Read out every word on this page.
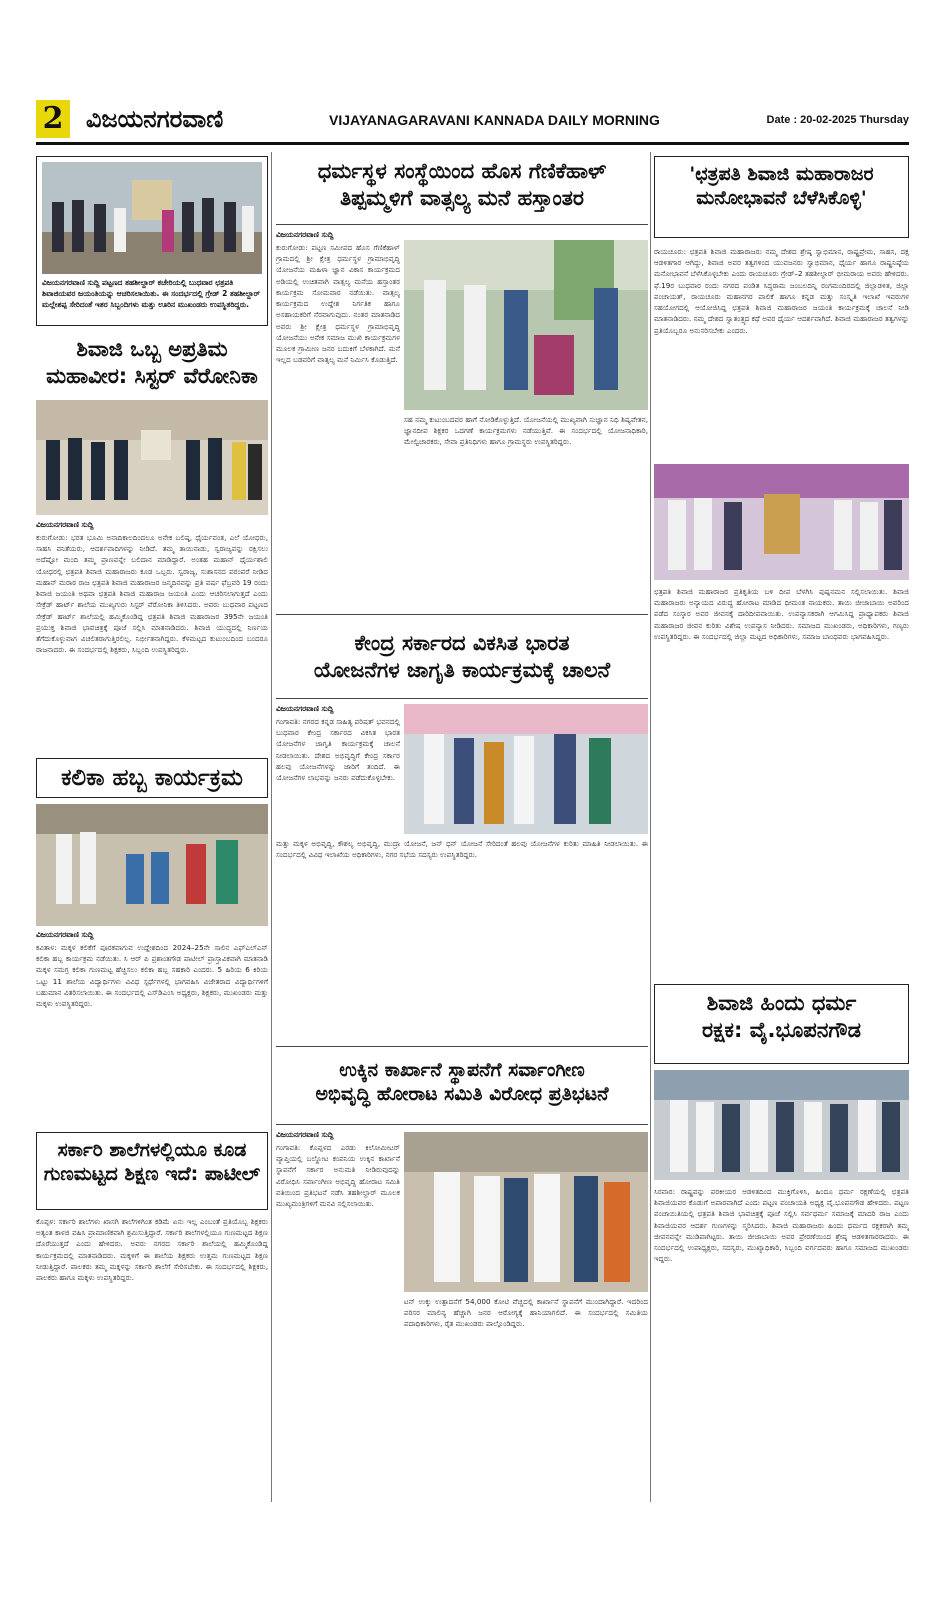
2 ವಿಜಯನಗರವಾಣಿ	VIJAYANAGARAVANI KANNADA DAILY MORNING	Date : 20-02-2025 Thursday
ವಿಜಯನಗರವಾಣಿ ಸುದ್ದಿ ಪಟ್ಟಣದ ತಹಶೀಲ್ದಾರ್ ಕಚೇರಿಯಲ್ಲಿ ಬುಧವಾರ ಛತ್ರಪತಿ ಶಿವಾಜಿಯವರ ಜಯಂತಿಯನ್ನು ಆಚರಿಸಲಾಯಿತು. ಈ ಸಂದರ್ಭದಲ್ಲಿ ಗ್ರೇಡ್ 2 ತಹಶೀಲ್ದಾರ್ ಮಲ್ಲೇಶಪ್ಪ ಸೇರಿದಂತೆ ಇತರ ಸಿಬ್ಬಂದಿಗಳು ಮತ್ತು ಊರಿನ ಮುಖಂಡರು ಉಪಸ್ಥಿತರಿದ್ದರು.
ಶಿವಾಜಿ ಒಬ್ಬ ಅಪ್ರತಿಮ
ಮಹಾವೀರ: ಸಿಸ್ಟರ್ ವೆರೋನಿಕಾ
ವಿಜಯನಗರವಾಣಿ ಸುದ್ದಿ
ಕುರುಗೋಡು: ಭರತ ಭೂಮಿ ಅನಾದಿಕಾಲದಿಂದಲೂ ಅನೇಕ ಬಲಿಷ್ಠ, ಧೈರ್ಯವಂತ, ಎಲೆ ಯೋಧರು, ಸಾಹಸಿ ವನಿತೆಯರು, ಆದರ್ಶವಾದಿಗಳನ್ನು ನೀಡಿದೆ. ತಮ್ಮ ತಾಯಿನಾಡು, ಸ್ವರಾಜ್ಯವನ್ನು ರಕ್ಷಿಸಲು ಅದೆಷ್ಟೋ ಮಂದಿ ತಮ್ಮ ಪ್ರಾಣವನ್ನೇ ಬಲಿದಾನ ಮಾಡಿದ್ದಾರೆ. ಅಂತಹ ಮಹಾನ್ ಧೈರ್ಯಶಾಲಿ ಯೋಧರಲ್ಲಿ ಛತ್ರಪತಿ ಶಿವಾಜಿ ಮಹಾರಾಜರು ಕೂಡ ಒಬ್ಬರು. ಸ್ವರಾಜ್ಯ, ಸುಶಾಸನದ ಪರಂಪರೆ ನೀಡಿದ ಮಹಾನ್ ಮರಾಠ ರಾಜ ಛತ್ರಪತಿ ಶಿವಾಜಿ ಮಹಾರಾಜರ ಜನ್ಮದಿನವನ್ನು ಪ್ರತಿ ವರ್ಷ ಫೆಬ್ರವರಿ 19 ರಂದು ಶಿವಾಜಿ ಜಯಂತಿ ಅಥವಾ ಛತ್ರಪತಿ ಶಿವಾಜಿ ಮಹಾರಾಜ ಜಯಂತಿ ಎಂದು ಆಚರಿಸಲಾಗುತ್ತದೆ ಎಂದು ಸೇಕ್ರೆಡ್ ಹಾರ್ಟ್ ಶಾಲೆಯ ಮುಖ್ಯಗುರು ಸಿಸ್ಟರ್ ವೆರೋನಿಕಾ ತಿಳಿಸಿದರು. ಅವರು ಬುಧವಾರ ಪಟ್ಟಣದ ಸೇಕ್ರೆಡ್ ಹಾರ್ಟ್ ಶಾಲೆಯಲ್ಲಿ ಹಮ್ಮಿಕೊಂಡಿದ್ದ ಛತ್ರಪತಿ ಶಿವಾಜಿ ಮಹಾರಾಜರ 395ನೇ ಜಯಂತಿ ಪ್ರಯುಕ್ತ ಶಿವಾಜಿ ಭಾವಚಿತ್ರಕ್ಕೆ ಪೂಜೆ ಸಲ್ಲಿಸಿ ಮಾತನಾಡಿದರು. ಶಿವಾಜಿ ಯುದ್ಧದಲ್ಲಿ ನಿರ್ಣಯ ತೆಗೆದುಕೊಳ್ಳುವಾಗ ವಿಚಲಿತರಾಗುತ್ತಿರಲಿಲ್ಲ. ನಿರ್ಭೀತನಾಗಿದ್ದರು. ಕೆಳಮಟ್ಟದ ಕುಟುಂಬದಿಂದ ಬಂದರೂ ರಾಜನಾದರು. ಈ ಸಂದರ್ಭದಲ್ಲಿ ಶಿಕ್ಷಕರು, ಸಿಬ್ಬಂದಿ ಉಪಸ್ಥಿತರಿದ್ದರು.
ಕಲಿಕಾ ಹಬ್ಬ ಕಾರ್ಯಕ್ರಮ
ವಿಜಯನಗರವಾಣಿ ಸುದ್ದಿ
ಕವಿತಾಳ: ಮಕ್ಕಳ ಕಲಿಕೆಗೆ ಪೂರಕವಾಗುವ ಉದ್ದೇಶದಿಂದ 2024–25ನೇ ಸಾಲಿನ ಎಫ್ಎಲ್ಎನ್ ಕಲಿಕಾ ಹಬ್ಬ ಕಾರ್ಯಕ್ರಮ ನಡೆಯಿತು. ಸಿ ಆರ್ ಪಿ ಪ್ರಶಾಂತಗೌಡ ಪಾಟೀಲ್ ಪ್ರಾಸ್ತಾವಿಕವಾಗಿ ಮಾತನಾಡಿ ಮಕ್ಕಳ ಸಮಗ್ರ ಕಲಿಕಾ ಗುಣಮಟ್ಟ ಹೆಚ್ಚಿಸಲು ಕಲಿಕಾ ಹಬ್ಬ ಸಹಕಾರಿ ಎಂದರು. 5 ಹಿರಿಯ 6 ಕಿರಿಯ ಒಟ್ಟು 11 ಶಾಲೆಯ ವಿದ್ಯಾರ್ಥಿಗಳು ವಿವಿಧ ಸ್ಪರ್ಧೆಗಳಲ್ಲಿ ಭಾಗವಹಿಸಿ ವಿಜೇತರಾದ ವಿದ್ಯಾರ್ಥಿಗಳಿಗೆ ಬಹುಮಾನ ವಿತರಿಸಲಾಯಿತು. ಈ ಸಂದರ್ಭದಲ್ಲಿ ಎಸ್‌ಡಿಎಂಸಿ ಅಧ್ಯಕ್ಷರು, ಶಿಕ್ಷಕರು, ಮುಖಂಡರು ಮತ್ತು ಮಕ್ಕಳು ಉಪಸ್ಥಿತರಿದ್ದರು.
ಸರ್ಕಾರಿ ಶಾಲೆಗಳಲ್ಲಿಯೂ ಕೂಡ
ಗುಣಮಟ್ಟದ ಶಿಕ್ಷಣ ಇದೆ: ಪಾಟೀಲ್
ಕೊಪ್ಪಳ: ಸರ್ಕಾರಿ ಶಾಲೆಗಳು ಖಾಸಗಿ ಶಾಲೆಗಳಿಗಿಂತ ಕಡಿಮೆ ಏನು ಇಲ್ಲ ಎಂಬಂತೆ ಪ್ರತಿಯೊಬ್ಬ ಶಿಕ್ಷಕರು ಅತ್ಯಂತ ಕಾಳಜಿ ವಹಿಸಿ ಪ್ರಾಮಾಣಿಕವಾಗಿ ಶ್ರಮಿಸುತ್ತಿದ್ದಾರೆ. ಸರ್ಕಾರಿ ಶಾಲೆಗಳಲ್ಲಿಯೂ ಗುಣಮಟ್ಟದ ಶಿಕ್ಷಣ ದೊರೆಯುತ್ತದೆ ಎಂದು ಹೇಳಿದರು. ಅವರು ನಗರದ ಸರ್ಕಾರಿ ಶಾಲೆಯಲ್ಲಿ ಹಮ್ಮಿಕೊಂಡಿದ್ದ ಕಾರ್ಯಕ್ರಮದಲ್ಲಿ ಮಾತನಾಡಿದರು. ಮಕ್ಕಳಿಗೆ ಈ ಶಾಲೆಯ ಶಿಕ್ಷಕರು ಉತ್ತಮ ಗುಣಮಟ್ಟದ ಶಿಕ್ಷಣ ನೀಡುತ್ತಿದ್ದಾರೆ. ಪಾಲಕರು ತಮ್ಮ ಮಕ್ಕಳನ್ನು ಸರ್ಕಾರಿ ಶಾಲೆಗೆ ಸೇರಿಸಬೇಕು. ಈ ಸಂದರ್ಭದಲ್ಲಿ ಶಿಕ್ಷಕರು, ಪಾಲಕರು ಹಾಗೂ ಮಕ್ಕಳು ಉಪಸ್ಥಿತರಿದ್ದರು.
ಧರ್ಮಸ್ಥಳ ಸಂಸ್ಥೆಯಿಂದ ಹೊಸ ಗೆಣಿಕೆಹಾಳ್
ತಿಪ್ಪಮ್ಮಳಿಗೆ ವಾತ್ಸಲ್ಯ ಮನೆ ಹಸ್ತಾಂತರ
ವಿಜಯನಗರವಾಣಿ ಸುದ್ದಿ
ಕುರುಗೋಡು: ಪಟ್ಟಣ ಸಮೀಪದ ಹೊಸ ಗೆಣಿಕೆಹಾಳ್ ಗ್ರಾಮದಲ್ಲಿ ಶ್ರೀ ಕ್ಷೇತ್ರ ಧರ್ಮಸ್ಥಳ ಗ್ರಾಮಾಭಿವೃದ್ಧಿ ಯೋಜನೆಯ ಮಹಿಳಾ ಜ್ಞಾನ ವಿಕಾಸ ಕಾರ್ಯಕ್ರಮದ ಅಡಿಯಲ್ಲಿ ಉಚಿತವಾಗಿ ವಾತ್ಸಲ್ಯ ಮನೆಯ ಹಸ್ತಾಂತರ ಕಾರ್ಯಕ್ರಮ ಸೋಮವಾರ ನಡೆಯಿತು. ವಾತ್ಸಲ್ಯ ಕಾರ್ಯಕ್ರಮದ ಉದ್ದೇಶ ನಿರ್ಗತಿಕ ಹಾಗೂ ಅಸಹಾಯಕರಿಗೆ ನೆರವಾಗುವುದು. ನಂತರ ಮಾತನಾಡಿದ ಅವರು ಶ್ರೀ ಕ್ಷೇತ್ರ ಧರ್ಮಸ್ಥಳ ಗ್ರಾಮಾಭಿವೃದ್ಧಿ ಯೋಜನೆಯು ಅನೇಕ ಸಮಾಜ ಮುಖಿ ಕಾರ್ಯಕ್ರಮಗಳ ಮೂಲಕ ಗ್ರಾಮೀಣ ಜನರ ಬದುಕಿಗೆ ಬೆಳಕಾಗಿದೆ. ಮನೆ ಇಲ್ಲದ ಬಡವರಿಗೆ ವಾತ್ಸಲ್ಯ ಮನೆ ನಿರ್ಮಿಸಿ ಕೊಡುತ್ತಿದೆ.
ಸಹ ನಮ್ಮ ಕುಟುಂಬದವರ ಹಾಗೆ ನೋಡಿಕೊಳ್ಳುತ್ತಿದೆ. ಯೋಜನೆಯಲ್ಲಿ ಮುಖ್ಯವಾಗಿ ಸುಜ್ಞಾನ ನಿಧಿ ಶಿಷ್ಯವೇತನ, ಜ್ಞಾನದೀಪ ಶಿಕ್ಷಕರ ಒದಗಣೆ ಕಾರ್ಯಕ್ರಮಗಳು ನಡೆಯುತ್ತಿವೆ. ಈ ಸಂದರ್ಭದಲ್ಲಿ ಯೋಜನಾಧಿಕಾರಿ, ಮೇಲ್ವಿಚಾರಕರು, ಸೇವಾ ಪ್ರತಿನಿಧಿಗಳು ಹಾಗೂ ಗ್ರಾಮಸ್ಥರು ಉಪಸ್ಥಿತರಿದ್ದರು.
ಕೇಂದ್ರ ಸರ್ಕಾರದ ವಿಕಸಿತ ಭಾರತ
ಯೋಜನೆಗಳ ಜಾಗೃತಿ ಕಾರ್ಯಕ್ರಮಕ್ಕೆ ಚಾಲನೆ
ವಿಜಯನಗರವಾಣಿ ಸುದ್ದಿ
ಗಂಗಾವತಿ: ನಗರದ ಕನ್ನಡ ಸಾಹಿತ್ಯ ಪರಿಷತ್ ಭವನದಲ್ಲಿ ಬುಧವಾರ ಕೇಂದ್ರ ಸರ್ಕಾರದ ವಿಕಸಿತ ಭಾರತ ಯೋಜನೆಗಳ ಜಾಗೃತಿ ಕಾರ್ಯಕ್ರಮಕ್ಕೆ ಚಾಲನೆ ನೀಡಲಾಯಿತು. ದೇಶದ ಅಭಿವೃದ್ಧಿಗೆ ಕೇಂದ್ರ ಸರ್ಕಾರ ಹಲವು ಯೋಜನೆಗಳನ್ನು ಜಾರಿಗೆ ತಂದಿದೆ. ಈ ಯೋಜನೆಗಳ ಲಾಭವನ್ನು ಜನರು ಪಡೆದುಕೊಳ್ಳಬೇಕು.
ಮತ್ತು ಮಕ್ಕಳ ಅಭಿವೃದ್ಧಿ, ಕೌಶಲ್ಯ ಅಭಿವೃದ್ಧಿ, ಮುದ್ರಾ ಯೋಜನೆ, ಜನ್ ಧನ್ ಯೋಜನೆ ಸೇರಿದಂತೆ ಹಲವು ಯೋಜನೆಗಳ ಕುರಿತು ಮಾಹಿತಿ ನೀಡಲಾಯಿತು. ಈ ಸಂದರ್ಭದಲ್ಲಿ ವಿವಿಧ ಇಲಾಖೆಯ ಅಧಿಕಾರಿಗಳು, ನಗರ ಸಭೆಯ ಸದಸ್ಯರು ಉಪಸ್ಥಿತರಿದ್ದರು.
ಉಕ್ಕಿನ ಕಾರ್ಖಾನೆ ಸ್ಥಾಪನೆಗೆ ಸರ್ವಾಂಗೀಣ
ಅಭಿವೃದ್ಧಿ ಹೋರಾಟ ಸಮಿತಿ ವಿರೋಧ ಪ್ರತಿಭಟನೆ
ವಿಜಯನಗರವಾಣಿ ಸುದ್ದಿ
ಗಂಗಾವತಿ: ಕೊಪ್ಪಳದ ಎರಡು ಕಿಲೋಮೀಟರ್ ವ್ಯಾಪ್ತಿಯಲ್ಲಿ ಬಲ್ಡೋಟ ಕಂಪನಿಯ ಉಕ್ಕಿನ ಕಾರ್ಖಾನೆ ಸ್ಥಾಪನೆಗೆ ಸರ್ಕಾರ ಅನುಮತಿ ನೀಡಿರುವುದನ್ನು ವಿರೋಧಿಸಿ ಸರ್ವಾಂಗೀಣ ಅಭಿವೃದ್ಧಿ ಹೋರಾಟ ಸಮಿತಿ ವತಿಯಿಂದ ಪ್ರತಿಭಟನೆ ನಡೆಸಿ ತಹಶೀಲ್ದಾರ್ ಮೂಲಕ ಮುಖ್ಯಮಂತ್ರಿಗಳಿಗೆ ಮನವಿ ಸಲ್ಲಿಸಲಾಯಿತು.
ಟನ್ ಉಕ್ಕು ಉತ್ಪಾದನೆಗೆ 54,000 ಕೋಟಿ ವೆಚ್ಚದಲ್ಲಿ ಕಾರ್ಖಾನೆ ಸ್ಥಾಪನೆಗೆ ಮುಂದಾಗಿದ್ದಾರೆ. ಇದರಿಂದ ಪರಿಸರ ಮಾಲಿನ್ಯ ಹೆಚ್ಚಾಗಿ ಜನರ ಆರೋಗ್ಯಕ್ಕೆ ಹಾನಿಯಾಗಲಿದೆ. ಈ ಸಂದರ್ಭದಲ್ಲಿ ಸಮಿತಿಯ ಪದಾಧಿಕಾರಿಗಳು, ರೈತ ಮುಖಂಡರು ಪಾಲ್ಗೊಂಡಿದ್ದರು.
'ಛತ್ರಪತಿ ಶಿವಾಜಿ ಮಹಾರಾಜರ
ಮನೋಭಾವನೆ ಬೆಳೆಸಿಕೊಳ್ಳಿ'
ರಾಯಚೂರು: ಛತ್ರಪತಿ ಶಿವಾಜಿ ಮಹಾರಾಜರು ನಮ್ಮ ದೇಶದ ಶ್ರೇಷ್ಠ ಸ್ವಾಭಿಮಾನ, ರಾಷ್ಟ್ರಪ್ರೇಮ, ಸಾಹಸ, ದಕ್ಷ ಆಡಳಿತಗಾರ ಆಗಿದ್ದು, ಶಿವಾಜಿ ಅವರ ತತ್ವಗಳಿಂದ ಯುವಜನರು ಸ್ವಾಭಿಮಾನ, ಧೈರ್ಯ ಹಾಗೂ ರಾಷ್ಟ್ರನಿಷ್ಠೆಯ ಮನೋಭಾವನೆ ಬೆಳೆಸಿಕೊಳ್ಳಬೇಕು ಎಂದು ರಾಯಚೂರು ಗ್ರೇಡ್–2 ತಹಶೀಲ್ದಾರ್ ಭೀಮರಾಯ ಅವರು ಹೇಳಿದರು. ಫೆ.19ರ ಬುಧವಾರ ರಂದು ನಗರದ ಪಂಡಿತ ಸಿದ್ಧರಾಮ ಜಂಬಲದಿನ್ನಿ ರಂಗಮಂದಿರದಲ್ಲಿ ಜಿಲ್ಲಾಡಳಿತ, ಜಿಲ್ಲಾ ಪಂಚಾಯತ್, ರಾಯಚೂರು ಮಹಾನಗರ ಪಾಲಿಕೆ ಹಾಗೂ ಕನ್ನಡ ಮತ್ತು ಸಂಸ್ಕೃತಿ ಇಲಾಖೆ ಇವರುಗಳ ಸಹಯೋಗದಲ್ಲಿ ಆಯೋಜಿಸಿದ್ದ ಛತ್ರಪತಿ ಶಿವಾಜಿ ಮಹಾರಾಜರ ಜಯಂತಿ ಕಾರ್ಯಕ್ರಮಕ್ಕೆ ಚಾಲನೆ ನೀಡಿ ಮಾತನಾಡಿದರು. ನಮ್ಮ ದೇಶದ ಸ್ವಾತಂತ್ರ್ಯದ ಕಥೆ ಅವರ ಧೈರ್ಯ ಆದರ್ಶವಾಗಿದೆ. ಶಿವಾಜಿ ಮಹಾರಾಜರ ತತ್ವಗಳನ್ನು ಪ್ರತಿಯೊಬ್ಬರೂ ಅನುಸರಿಸಬೇಕು ಎಂದರು.
ಛತ್ರಪತಿ ಶಿವಾಜಿ ಮಹಾರಾಜರ ಪ್ರತಿಕೃತಿಯ ಬಳಿ ದೀಪ ಬೆಳಗಿಸಿ ಪುಷ್ಪನಮನ ಸಲ್ಲಿಸಲಾಯಿತು. ಶಿವಾಜಿ ಮಹಾರಾಜರು ಅನ್ಯಾಯದ ವಿರುದ್ಧ ಹೋರಾಟ ಮಾಡಿದ ಧೀಮಂತ ನಾಯಕರು. ತಾಯಿ ಜೀಜಾಬಾಯಿ ಅವರಿಂದ ಪಡೆದ ಸಂಸ್ಕಾರ ಅವರ ಜೀವನಕ್ಕೆ ದಾರಿದೀಪವಾಯಿತು. ಉಪನ್ಯಾಸಕರಾಗಿ ಆಗಮಿಸಿದ್ದ ಪ್ರಾಧ್ಯಾಪಕರು ಶಿವಾಜಿ ಮಹಾರಾಜರ ಜೀವನ ಕುರಿತು ವಿಶೇಷ ಉಪನ್ಯಾಸ ನೀಡಿದರು. ಸಮಾಜದ ಮುಖಂಡರು, ಅಧಿಕಾರಿಗಳು, ಗಣ್ಯರು ಉಪಸ್ಥಿತರಿದ್ದರು. ಈ ಸಂದರ್ಭದಲ್ಲಿ ಜಿಲ್ಲಾ ಮಟ್ಟದ ಅಧಿಕಾರಿಗಳು, ಸಮಾಜ ಬಾಂಧವರು ಭಾಗವಹಿಸಿದ್ದರು.
ಶಿವಾಜಿ ಹಿಂದು ಧರ್ಮ
ರಕ್ಷಕ: ವೈ.ಭೂಪನಗೌಡ
ಸಿರವಾರ: ರಾಷ್ಟ್ರವನ್ನು ಪರಕೀಯರ ಆಡಳಿತದಿಂದ ಮುಕ್ತಿಗೊಳಿಸಿ, ಹಿಂದೂ ಧರ್ಮ ರಕ್ಷಣೆಯಲ್ಲಿ ಛತ್ರಪತಿ ಶಿವಾಜಿಯವರ ಕೊಡುಗೆ ಅಪಾರವಾಗಿದೆ ಎಂದು ಪಟ್ಟಣ ಪಂಚಾಯತಿ ಅಧ್ಯಕ್ಷ ವೈ.ಭೂಪನಗೌಡ ಹೇಳಿದರು. ಪಟ್ಟಣ ಪಂಚಾಯಿತಿಯಲ್ಲಿ ಛತ್ರಪತಿ ಶಿವಾಜಿ ಭಾವಚಿತ್ರಕ್ಕೆ ಪೂಜೆ ಸಲ್ಲಿಸಿ ಸರ್ವಧರ್ಮ ಸಮಾಜಕ್ಕೆ ಮಾದರಿ ರಾಜ ಎಂದು ಶಿವಾಜಿಯವರ ಆದರ್ಶ ಗುಣಗಳನ್ನು ಸ್ಮರಿಸಿದರು. ಶಿವಾಜಿ ಮಹಾರಾಜರು ಹಿಂದು ಧರ್ಮದ ರಕ್ಷಕರಾಗಿ ತಮ್ಮ ಜೀವನವನ್ನೇ ಮುಡಿಪಾಗಿಟ್ಟರು. ತಾಯಿ ಜೀಜಾಬಾಯಿ ಅವರ ಪ್ರೇರಣೆಯಿಂದ ಶ್ರೇಷ್ಠ ಆಡಳಿತಗಾರರಾದರು. ಈ ಸಂದರ್ಭದಲ್ಲಿ ಉಪಾಧ್ಯಕ್ಷರು, ಸದಸ್ಯರು, ಮುಖ್ಯಾಧಿಕಾರಿ, ಸಿಬ್ಬಂದಿ ವರ್ಗದವರು ಹಾಗೂ ಸಮಾಜದ ಮುಖಂಡರು ಇದ್ದರು.
